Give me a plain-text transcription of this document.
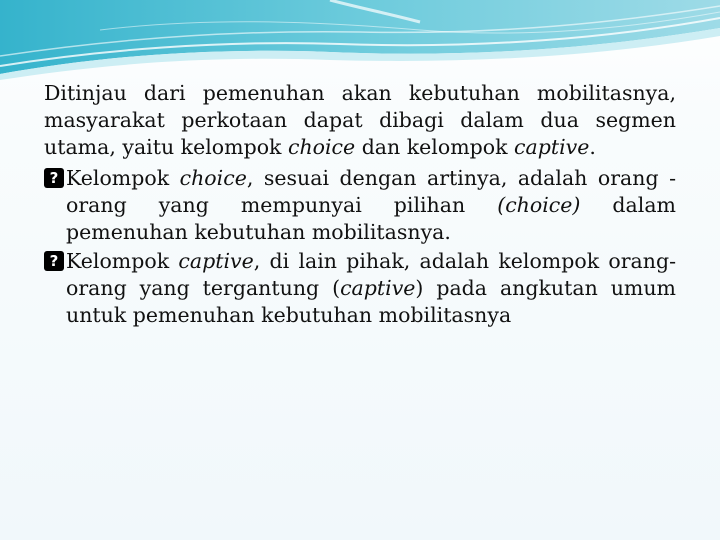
Ditinjau dari pemenuhan akan kebutuhan mobilitasnya, masyarakat perkotaan dapat dibagi dalam dua segmen utama, yaitu kelompok choice dan kelompok captive.

?Kelompok choice, sesuai dengan artinya, adalah orang -orang yang mempunyai pilihan (choice) dalam pemenuhan kebutuhan mobilitasnya.

?Kelompok captive, di lain pihak, adalah kelompok orang-orang yang tergantung (captive) pada angkutan umum untuk pemenuhan kebutuhan mobilitasnya
